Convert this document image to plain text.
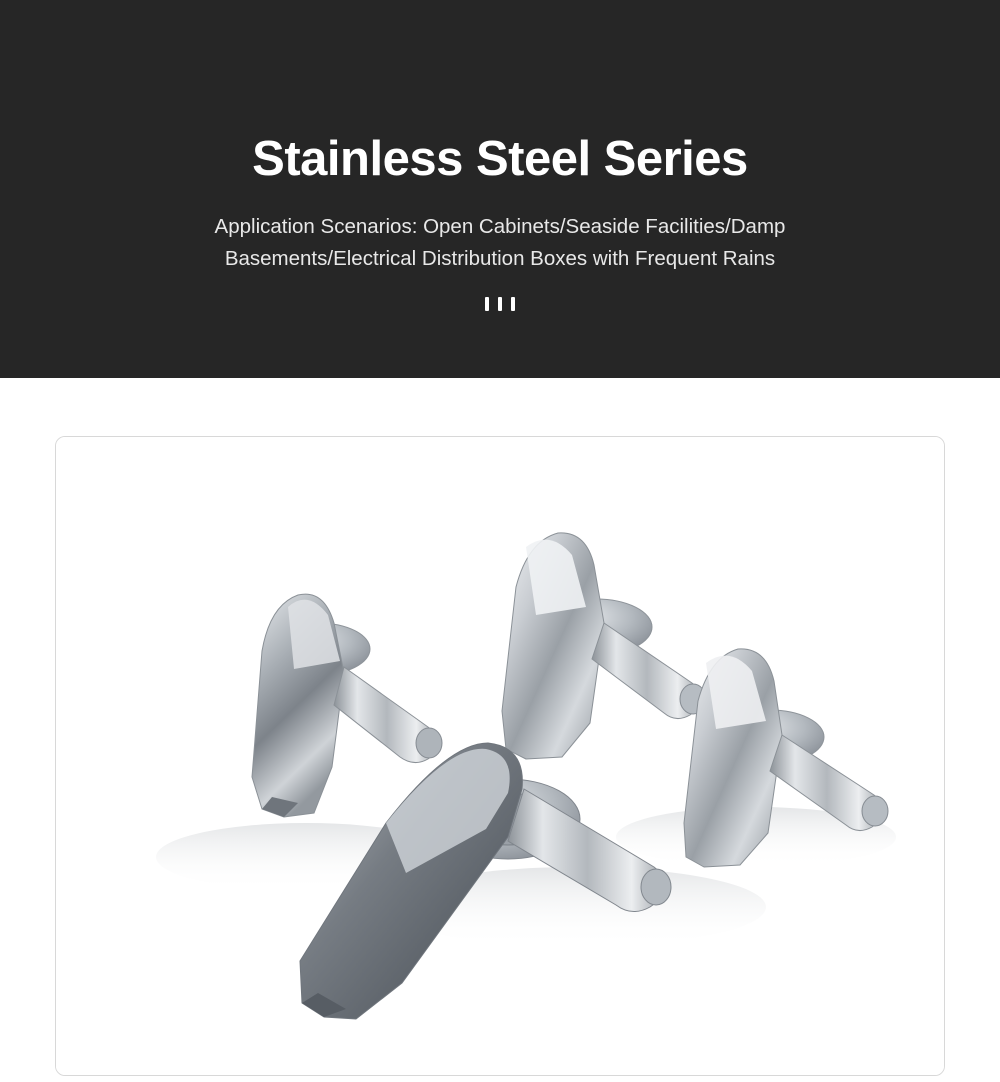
Stainless Steel Series
Application Scenarios: Open Cabinets/Seaside Facilities/Damp Basements/Electrical Distribution Boxes with Frequent Rains
